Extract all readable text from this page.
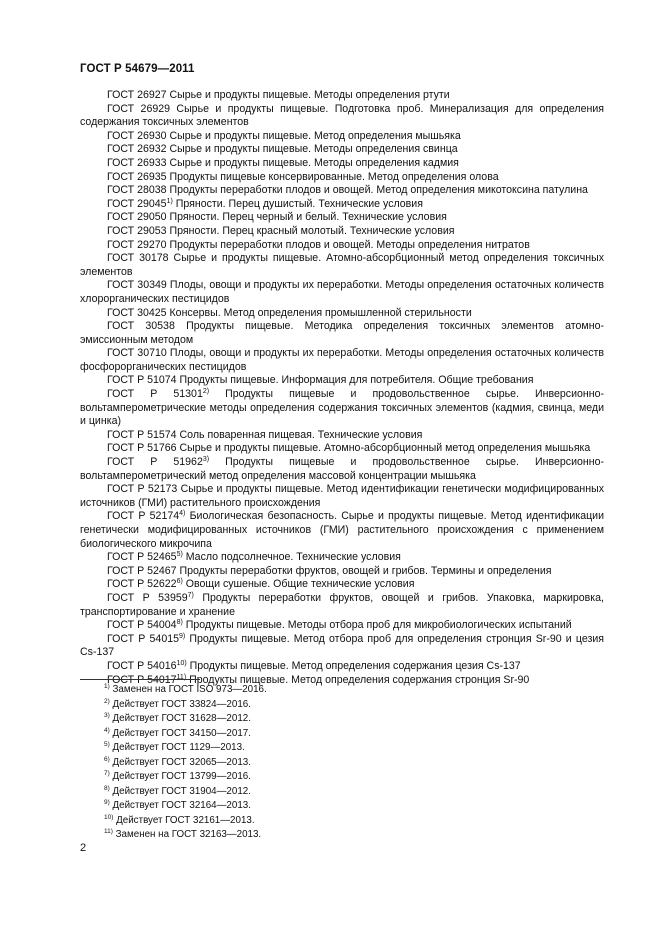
ГОСТ Р 54679—2011

ГОСТ 26927 Сырье и продукты пищевые. Методы определения ртути

ГОСТ 26929 Сырье и продукты пищевые. Подготовка проб. Минерализация для определения содержания токсичных элементов

ГОСТ 26930 Сырье и продукты пищевые. Метод определения мышьяка

ГОСТ 26932 Сырье и продукты пищевые. Методы определения свинца

ГОСТ 26933 Сырье и продукты пищевые. Методы определения кадмия

ГОСТ 26935 Продукты пищевые консервированные. Метод определения олова

ГОСТ 28038 Продукты переработки плодов и овощей. Метод определения микотоксина патулина

ГОСТ 29045$^{1)}$ Пряности. Перец душистый. Технические условия

ГОСТ 29050 Пряности. Перец черный и белый. Технические условия

ГОСТ 29053 Пряности. Перец красный молотый. Технические условия

ГОСТ 29270 Продукты переработки плодов и овощей. Методы определения нитратов

ГОСТ 30178 Сырье и продукты пищевые. Атомно-абсорбционный метод определения токсичных элементов

ГОСТ 30349 Плоды, овощи и продукты их переработки. Методы определения остаточных количеств хлорорганических пестицидов

ГОСТ 30425 Консервы. Метод определения промышленной стерильности

ГОСТ 30538 Продукты пищевые. Методика определения токсичных элементов атомно-эмиссионным методом

ГОСТ 30710 Плоды, овощи и продукты их переработки. Методы определения остаточных количеств фосфорорганических пестицидов

ГОСТ Р 51074 Продукты пищевые. Информация для потребителя. Общие требования

ГОСТ Р 51301$^{2)}$ Продукты пищевые и продовольственное сырье. Инверсионно-вольтамперометрические методы определения содержания токсичных элементов (кадмия, свинца, меди и цинка)

ГОСТ Р 51574 Соль поваренная пищевая. Технические условия

ГОСТ Р 51766 Сырье и продукты пищевые. Атомно-абсорбционный метод определения мышьяка

ГОСТ Р 51962$^{3)}$ Продукты пищевые и продовольственное сырье. Инверсионно-вольтамперометрический метод определения массовой концентрации мышьяка

ГОСТ Р 52173 Сырье и продукты пищевые. Метод идентификации генетически модифицированных источников (ГМИ) растительного происхождения

ГОСТ Р 52174$^{4)}$ Биологическая безопасность. Сырье и продукты пищевые. Метод идентификации генетически модифицированных источников (ГМИ) растительного происхождения с применением биологического микрочипа

ГОСТ Р 52465$^{5)}$ Масло подсолнечное. Технические условия

ГОСТ Р 52467 Продукты переработки фруктов, овощей и грибов. Термины и определения

ГОСТ Р 52622$^{6)}$ Овощи сушеные. Общие технические условия

ГОСТ Р 53959$^{7)}$ Продукты переработки фруктов, овощей и грибов. Упаковка, маркировка, транспортирование и хранение

ГОСТ Р 54004$^{8)}$ Продукты пищевые. Методы отбора проб для микробиологических испытаний

ГОСТ Р 54015$^{9)}$ Продукты пищевые. Метод отбора проб для определения стронция Sr-90 и цезия Cs-137

ГОСТ Р 54016$^{10)}$ Продукты пищевые. Метод определения содержания цезия Cs-137

ГОСТ Р 54017$^{11)}$ Продукты пищевые. Метод определения содержания стронция Sr-90

$^{1)}$ Заменен на ГОСТ ISO 973—2016.

$^{2)}$ Действует ГОСТ 33824—2016.

$^{3)}$ Действует ГОСТ 31628—2012.

$^{4)}$ Действует ГОСТ 34150—2017.

$^{5)}$ Действует ГОСТ 1129—2013.

$^{6)}$ Действует ГОСТ 32065—2013.

$^{7)}$ Действует ГОСТ 13799—2016.

$^{8)}$ Действует ГОСТ 31904—2012.

$^{9)}$ Действует ГОСТ 32164—2013.

$^{10)}$ Действует ГОСТ 32161—2013.

$^{11)}$ Заменен на ГОСТ 32163—2013.

2
